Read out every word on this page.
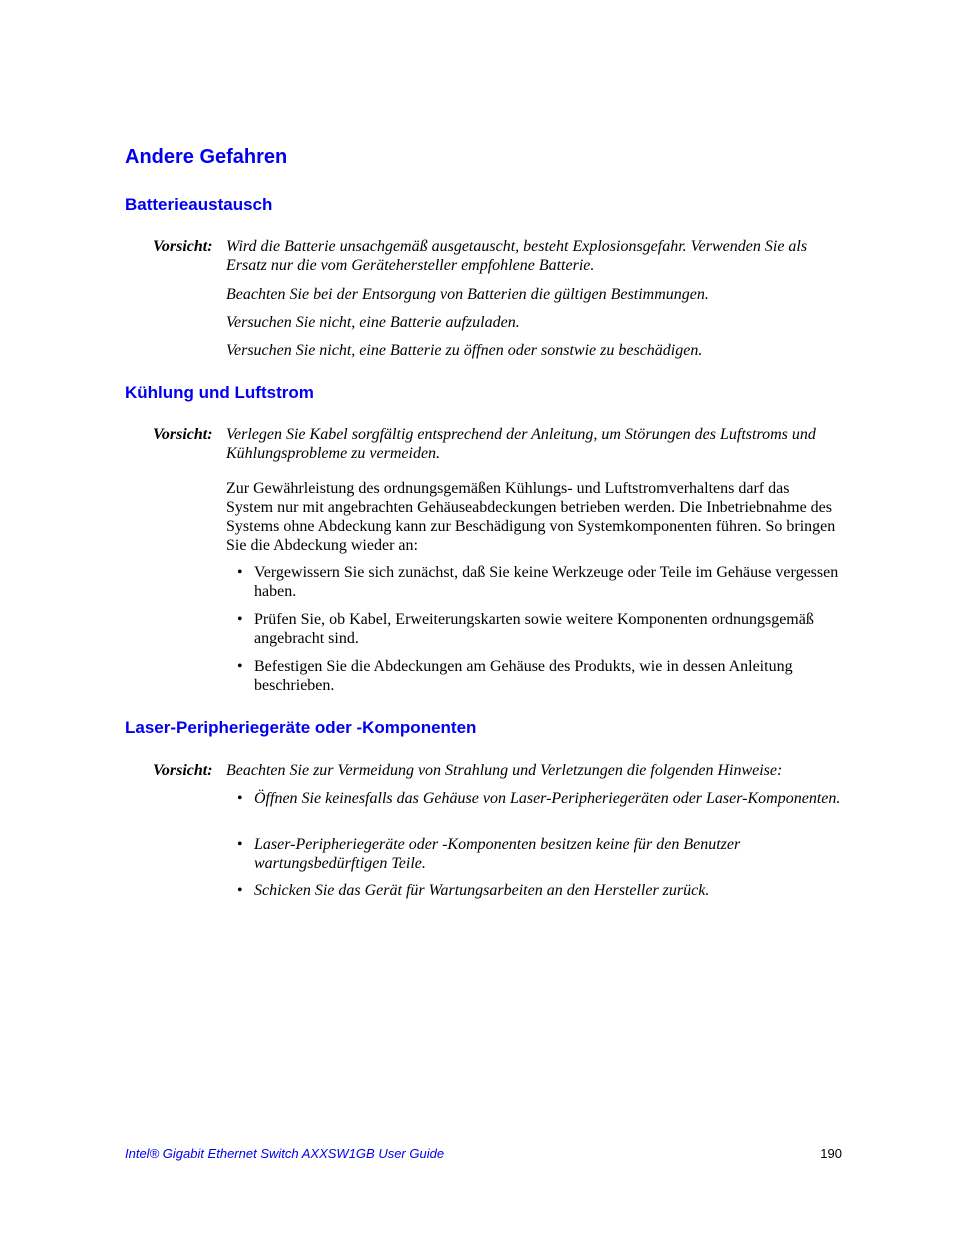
Andere Gefahren
Batterieaustausch
Vorsicht: Wird die Batterie unsachgemäß ausgetauscht, besteht Explosionsgefahr. Verwenden Sie als Ersatz nur die vom Gerätehersteller empfohlene Batterie.
Beachten Sie bei der Entsorgung von Batterien die gültigen Bestimmungen.
Versuchen Sie nicht, eine Batterie aufzuladen.
Versuchen Sie nicht, eine Batterie zu öffnen oder sonstwie zu beschädigen.
Kühlung und Luftstrom
Vorsicht: Verlegen Sie Kabel sorgfältig entsprechend der Anleitung, um Störungen des Luftstroms und Kühlungsprobleme zu vermeiden.
Zur Gewährleistung des ordnungsgemäßen Kühlungs- und Luftstromverhaltens darf das System nur mit angebrachten Gehäuseabdeckungen betrieben werden. Die Inbetriebnahme des Systems ohne Abdeckung kann zur Beschädigung von Systemkomponenten führen. So bringen Sie die Abdeckung wieder an:
• Vergewissern Sie sich zunächst, daß Sie keine Werkzeuge oder Teile im Gehäuse vergessen haben.
• Prüfen Sie, ob Kabel, Erweiterungskarten sowie weitere Komponenten ordnungsgemäß angebracht sind.
• Befestigen Sie die Abdeckungen am Gehäuse des Produkts, wie in dessen Anleitung beschrieben.
Laser-Peripheriegeräte oder -Komponenten
Vorsicht: Beachten Sie zur Vermeidung von Strahlung und Verletzungen die folgenden Hinweise:
• Öffnen Sie keinesfalls das Gehäuse von Laser-Peripheriegeräten oder Laser-Komponenten.
• Laser-Peripheriegeräte oder -Komponenten besitzen keine für den Benutzer wartungsbedürftigen Teile.
• Schicken Sie das Gerät für Wartungsarbeiten an den Hersteller zurück.
Intel® Gigabit Ethernet Switch AXXSW1GB User Guide	190
